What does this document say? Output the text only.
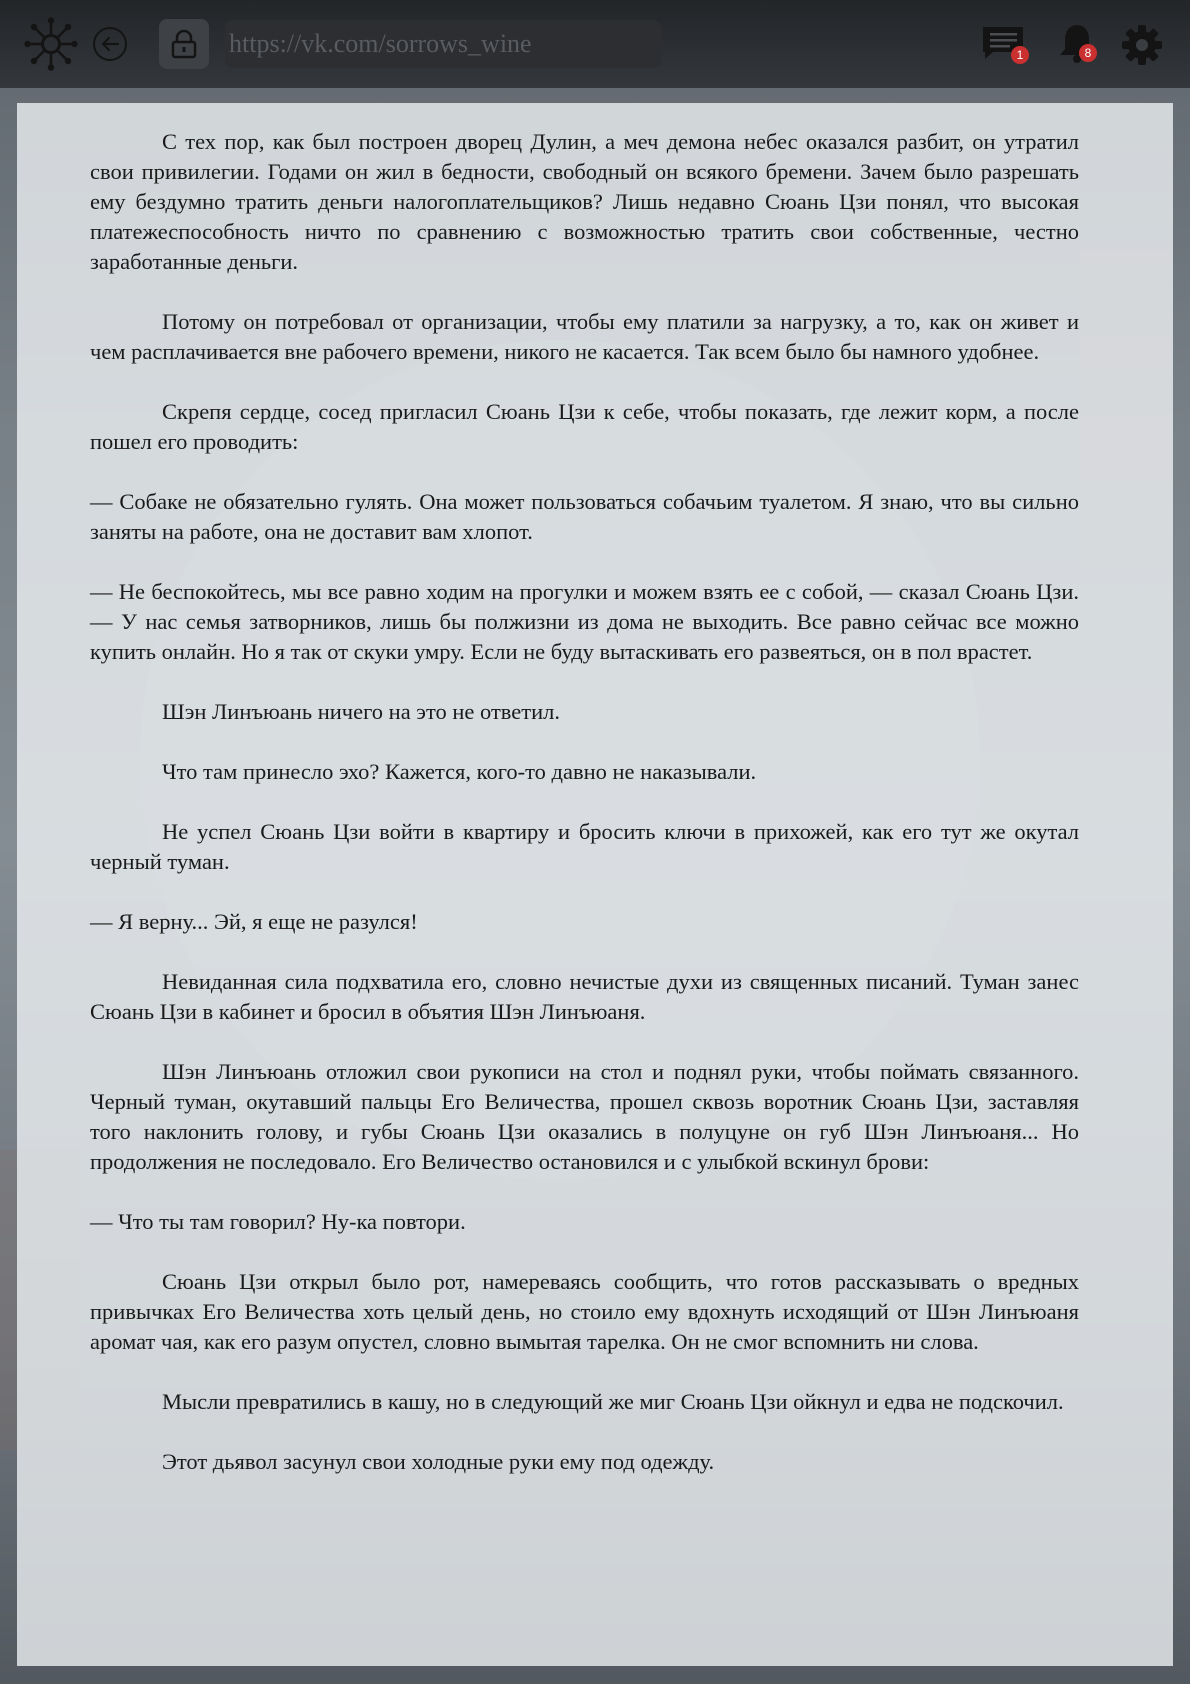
https://vk.com/sorrows_wine	1	8

С тех пор, как был построен дворец Дулин, а меч демона небес оказался разбит, он утратил свои привилегии. Годами он жил в бедности, свободный он всякого бремени. Зачем было разрешать ему бездумно тратить деньги налогоплательщиков? Лишь недавно Сюань Цзи понял, что высокая платежеспособность ничто по сравнению с возможностью тратить свои собственные, честно заработанные деньги.

Потому он потребовал от организации, чтобы ему платили за нагрузку, а то, как он живет и чем расплачивается вне рабочего времени, никого не касается. Так всем было бы намного удобнее.

Скрепя сердце, сосед пригласил Сюань Цзи к себе, чтобы показать, где лежит корм, а после пошел его проводить:

— Собаке не обязательно гулять. Она может пользоваться собачьим туалетом. Я знаю, что вы сильно заняты на работе, она не доставит вам хлопот.

— Не беспокойтесь, мы все равно ходим на прогулки и можем взять ее с собой, — сказал Сюань Цзи. — У нас семья затворников, лишь бы полжизни из дома не выходить. Все равно сейчас все можно купить онлайн. Но я так от скуки умру. Если не буду вытаскивать его развеяться, он в пол врастет.

Шэн Линъюань ничего на это не ответил.

Что там принесло эхо? Кажется, кого-то давно не наказывали.

Не успел Сюань Цзи войти в квартиру и бросить ключи в прихожей, как его тут же окутал черный туман.

— Я верну... Эй, я еще не разулся!

Невиданная сила подхватила его, словно нечистые духи из священных писаний. Туман занес Сюань Цзи в кабинет и бросил в объятия Шэн Линъюаня.

Шэн Линъюань отложил свои рукописи на стол и поднял руки, чтобы поймать связанного. Черный туман, окутавший пальцы Его Величества, прошел сквозь воротник Сюань Цзи, заставляя того наклонить голову, и губы Сюань Цзи оказались в полуцуне он губ Шэн Линъюаня... Но продолжения не последовало. Его Величество остановился и с улыбкой вскинул брови:

— Что ты там говорил? Ну-ка повтори.

Сюань Цзи открыл было рот, намереваясь сообщить, что готов рассказывать о вредных привычках Его Величества хоть целый день, но стоило ему вдохнуть исходящий от Шэн Линъюаня аромат чая, как его разум опустел, словно вымытая тарелка. Он не смог вспомнить ни слова.

Мысли превратились в кашу, но в следующий же миг Сюань Цзи ойкнул и едва не подскочил.

Этот дьявол засунул свои холодные руки ему под одежду.
